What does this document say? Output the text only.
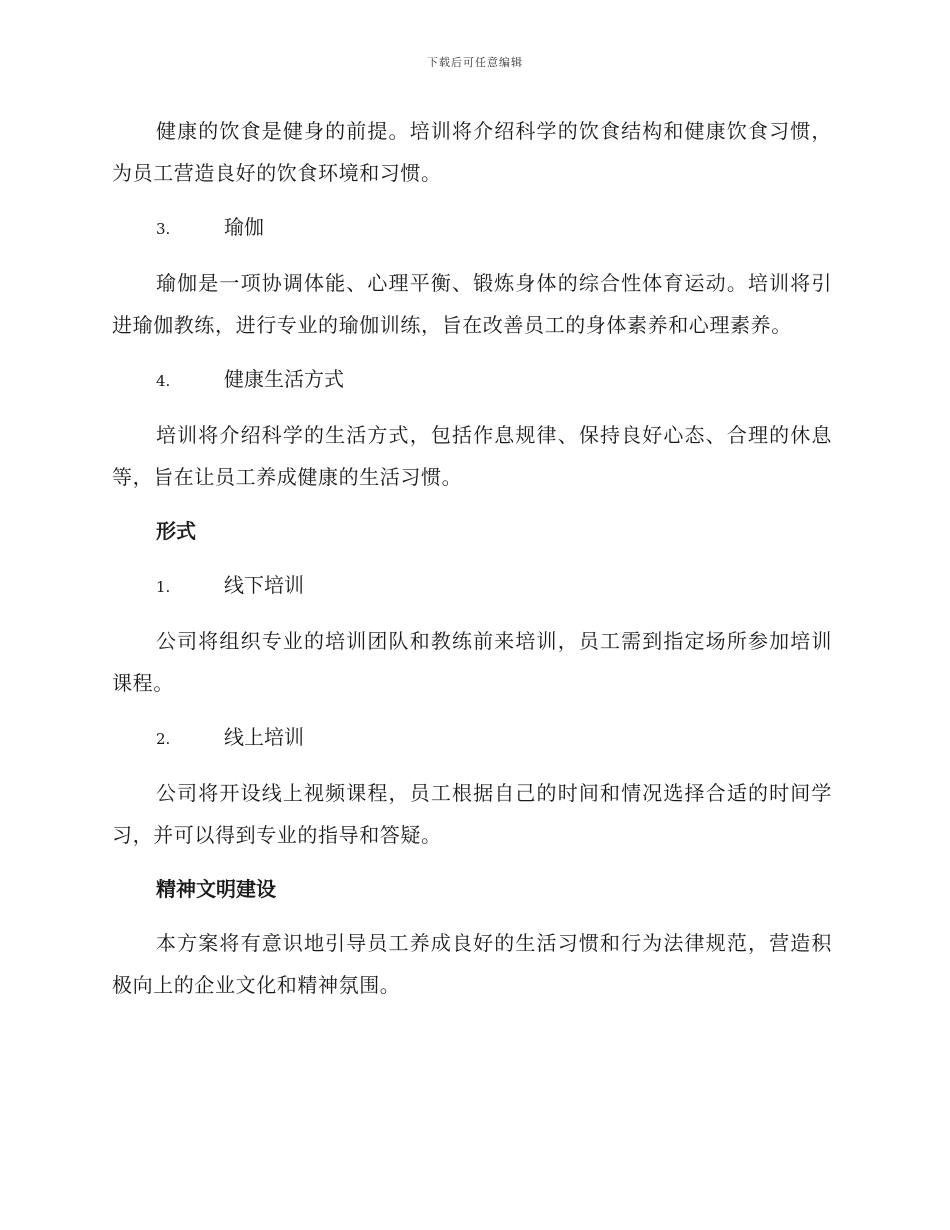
下载后可任意编辑

健康的饮食是健身的前提。培训将介绍科学的饮食结构和健康饮食习惯，为员工营造良好的饮食环境和习惯。

3.	瑜伽

瑜伽是一项协调体能、心理平衡、锻炼身体的综合性体育运动。培训将引进瑜伽教练，进行专业的瑜伽训练，旨在改善员工的身体素养和心理素养。

4.	健康生活方式

培训将介绍科学的生活方式，包括作息规律、保持良好心态、合理的休息等，旨在让员工养成健康的生活习惯。

形式
1.	线下培训

公司将组织专业的培训团队和教练前来培训，员工需到指定场所参加培训课程。

2.	线上培训

公司将开设线上视频课程，员工根据自己的时间和情况选择合适的时间学习，并可以得到专业的指导和答疑。

精神文明建设

本方案将有意识地引导员工养成良好的生活习惯和行为法律规范，营造积极向上的企业文化和精神氛围。
